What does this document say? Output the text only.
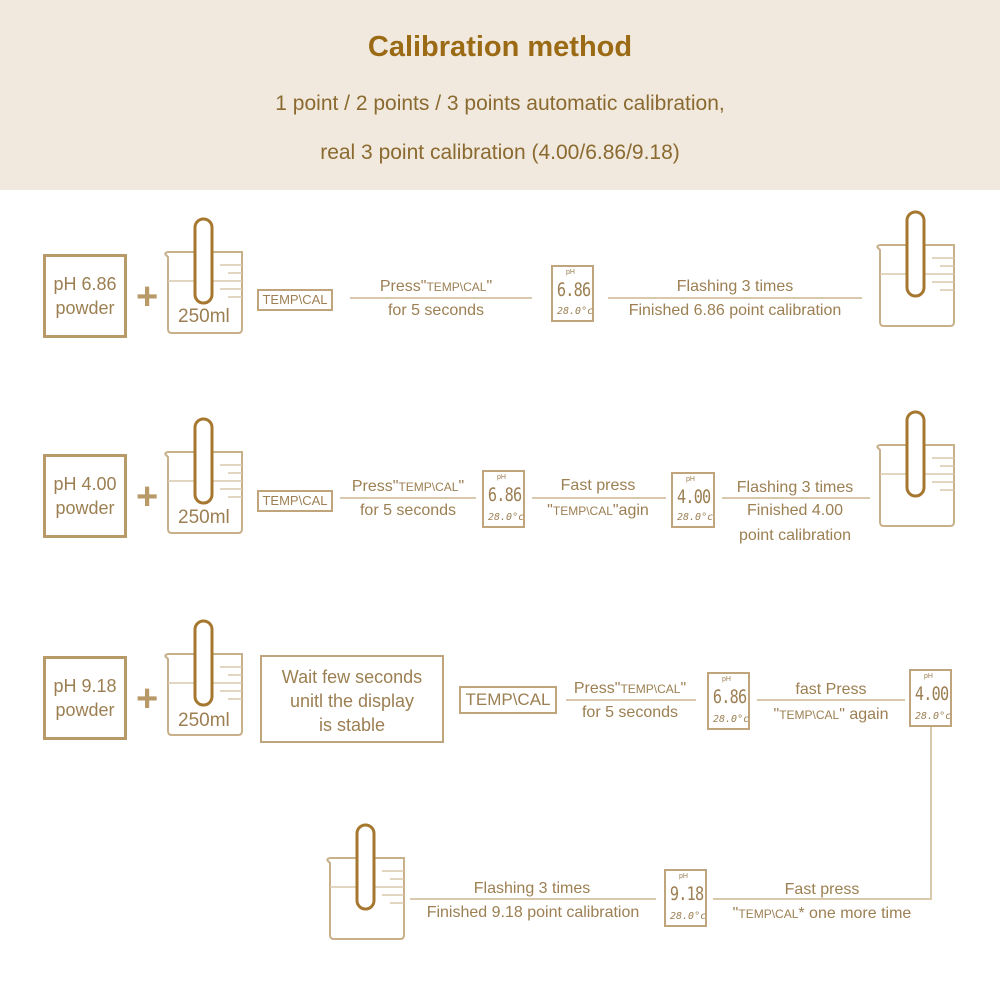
Calibration method
1 point / 2 points / 3 points automatic calibration,
real 3 point calibration (4.00/6.86/9.18)
pH 6.86
powder + 250ml
TEMP\CAL
Press"TEMP\CAL"
for 5 seconds
pH
6.86
28.0°c
Flashing 3 times
Finished 6.86 point calibration
pH 4.00
powder + 250ml
TEMP\CAL
Press"TEMP\CAL"
for 5 seconds
pH
6.86
28.0°c
Fast press
"TEMP\CAL"agin
pH
4.00
28.0°c
Flashing 3 times
Finished 4.00
point calibration
pH 9.18
powder +
250ml
Wait few seconds
unitl the display
is stable
TEMP\CAL
Press"TEMP\CAL"
for 5 seconds
pH
6.86
28.0°c
fast Press
"TEMP\CAL" again
pH
4.00
28.0°c
Flashing 3 times
Finished 9.18 point calibration
pH
9.18
28.0°c
Fast press
"TEMP\CAL* one more time
